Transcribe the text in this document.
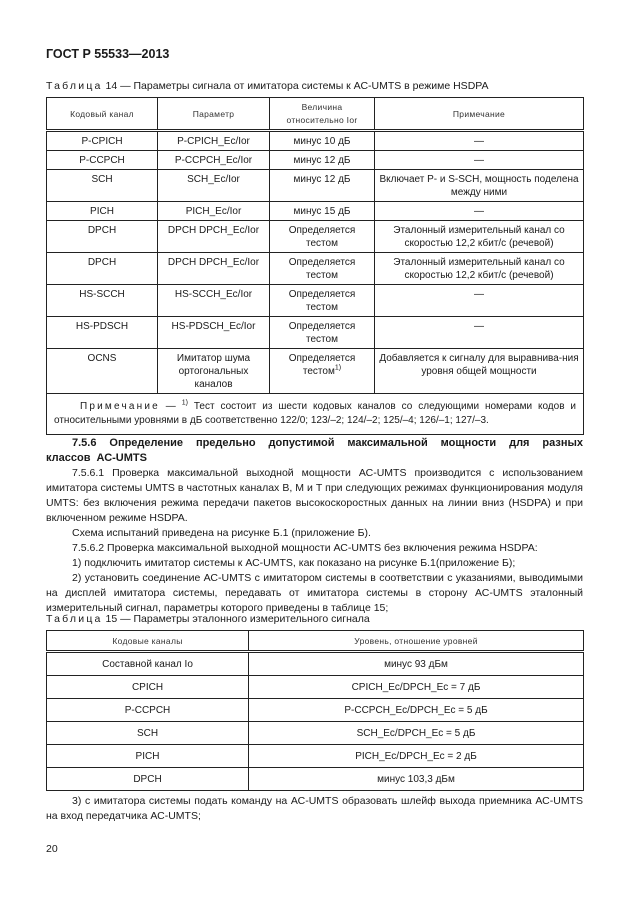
ГОСТ Р 55533—2013
Таблица 14 — Параметры сигнала от имитатора системы к АС-UMTS в режиме HSDPA
Кодовый канал	Параметр	Величина относительно Ior	Примечание
P-CPICH	P-CPICH_Ec/Ior	минус 10 дБ	—
P-CCPCH	P-CCPCH_Ec/Ior	минус 12 дБ	—
SCH	SCH_Ec/Ior	минус 12 дБ	Включает P- и S-SCH, мощность поделена между ними
PICH	PICH_Ec/Ior	минус 15 дБ	—
DPCH	DPCH DPCH_Ec/Ior	Определяется тестом	Эталонный измерительный канал со скоростью 12,2 кбит/с (речевой)
DPCH	DPCH DPCH_Ec/Ior	Определяется тестом	Эталонный измерительный канал со скоростью 12,2 кбит/с (речевой)
HS-SCCH	HS-SCCH_Ec/Ior	Определяется тестом	—
HS-PDSCH	HS-PDSCH_Ec/Ior	Определяется тестом	—
OCNS	Имитатор шума ортогональных каналов	Определяется тестом$^{1)}$	Добавляется к сигналу для выравнива-ния уровня общей мощности
Примечание — $^{1)}$ Тест состоит из шести кодовых каналов со следующими номерами кодов и относительными уровнями в дБ соответственно 122/0; 123/–2; 124/–2; 125/–4; 126/–1; 127/–3.			

7.5.6 Определение предельно допустимой максимальной мощности для разных классов АС-UMTS

7.5.6.1 Проверка максимальной выходной мощности АС-UMTS производится с использованием имитатора системы UMTS в частотных каналах B, M и T при следующих режимах функционирования модуля UMTS: без включения режима передачи пакетов высокоскоростных данных на линии вниз (HSDPA) и при включенном режиме HSDPA.

Схема испытаний приведена на рисунке Б.1 (приложение Б).

7.5.6.2 Проверка максимальной выходной мощности АС-UMTS без включения режима HSDPA:

1) подключить имитатор системы к АС-UMTS, как показано на рисунке Б.1(приложение Б);

2) установить соединение АС-UMTS с имитатором системы в соответствии с указаниями, выводимыми на дисплей имитатора системы, передавать от имитатора системы в сторону АС-UMTS эталонный измерительный сигнал, параметры которого приведены в таблице 15;

Таблица 15 — Параметры эталонного измерительного сигнала
Кодовые каналы	Уровень, отношение уровней
Составной канал Io	минус 93 дБм
CPICH	CPICH_Ec/DPCH_Ec = 7 дБ
P-CCPCH	P-CCPCH_Ec/DPCH_Ec = 5 дБ
SCH	SCH_Ec/DPCH_Ec = 5 дБ
PICH	PICH_Ec/DPCH_Ec = 2 дБ
DPCH	минус 103,3 дБм

3) с имитатора системы подать команду на АС-UMTS образовать шлейф выхода приемника АС-UMTS на вход передатчика АС-UMTS;

20
